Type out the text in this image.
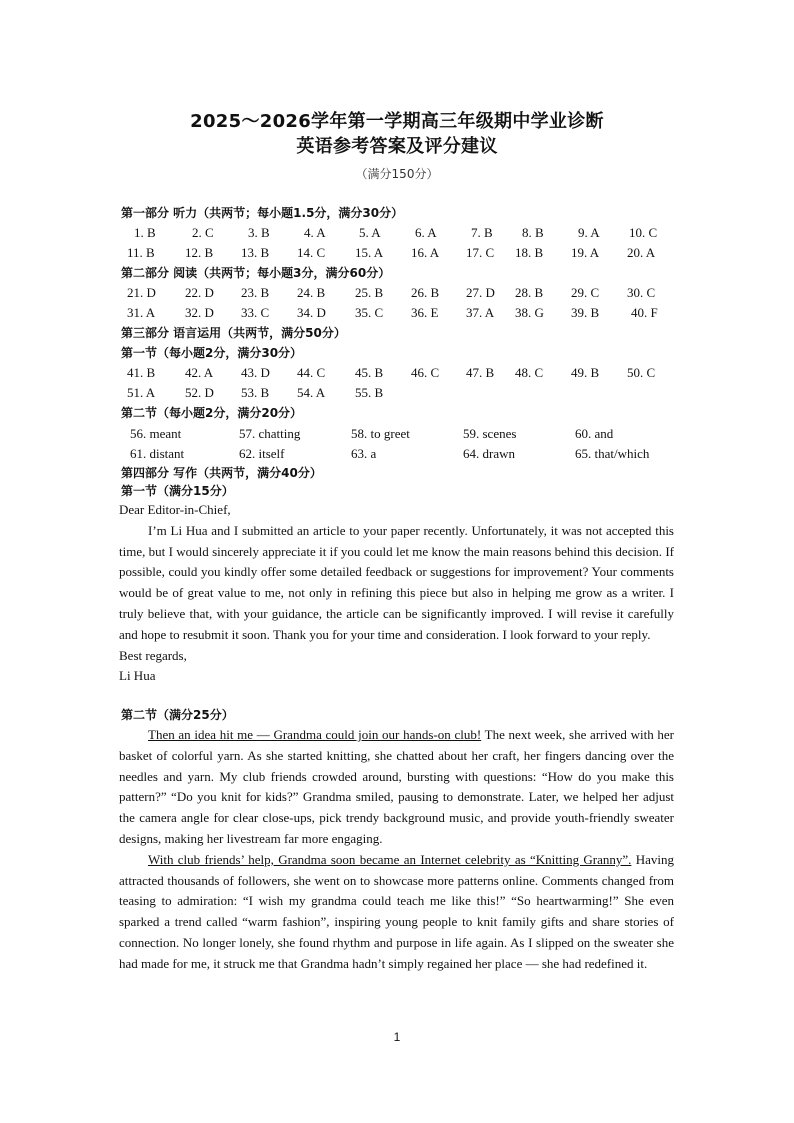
2025～2026学年第一学期高三年级期中学业诊断
英语参考答案及评分建议
（满分150分）
第一部分 听力（共两节；每小题1.5分，满分30分）
1. B	2. C	3. B	4. A	5. A	6. A	7. B 8. B	9. A 10. C
11. B 12. B 13. B 14. C 15. A 16. A 17. C 18. B 19. A 20. A
第二部分 阅读（共两节；每小题3分，满分60分）
21. D 22. D 23. B 24. B 25. B 26. B 27. D 28. B 29. C 30. C
31. A 32. D 33. C 34. D 35. C 36. E 37. A 38. G 39. B 40. F
第三部分 语言运用（共两节，满分50分）
第一节（每小题2分，满分30分）
41. B 42. A 43. D 44. C 45. B 46. C 47. B 48. C 49. B 50. C
51. A 52. D 53. B 54. A 55. B
第二节（每小题2分，满分20分）
56. meant	57. chatting	58. to greet	59. scenes	60. and
61. distant	62. itself	63. a	64. drawn	65. that/which
第四部分 写作（共两节，满分40分）
第一节（满分15分）

Dear Editor-in-Chief,

I’m Li Hua and I submitted an article to your paper recently. Unfortunately, it was not accepted this time, but I would sincerely appreciate it if you could let me know the main reasons behind this decision. If possible, could you kindly offer some detailed feedback or suggestions for improvement? Your comments would be of great value to me, not only in refining this piece but also in helping me grow as a writer. I truly believe that, with your guidance, the article can be significantly improved. I will revise it carefully and hope to resubmit it soon. Thank you for your time and consideration. I look forward to your reply.

Best regards,

Li Hua

第二节（满分25分）

Then an idea hit me — Grandma could join our hands-on club! The next week, she arrived with her basket of colorful yarn. As she started knitting, she chatted about her craft, her fingers dancing over the needles and yarn. My club friends crowded around, bursting with questions: “How do you make this pattern?” “Do you knit for kids?” Grandma smiled, pausing to demonstrate. Later, we helped her adjust the camera angle for clear close-ups, pick trendy background music, and provide youth-friendly sweater designs, making her livestream far more engaging.

With club friends’ help, Grandma soon became an Internet celebrity as “Knitting Granny”. Having attracted thousands of followers, she went on to showcase more patterns online. Comments changed from teasing to admiration: “I wish my grandma could teach me like this!” “So heartwarming!” She even sparked a trend called “warm fashion”, inspiring young people to knit family gifts and share stories of connection. No longer lonely, she found rhythm and purpose in life again. As I slipped on the sweater she had made for me, it struck me that Grandma hadn’t simply regained her place — she had redefined it.

1
